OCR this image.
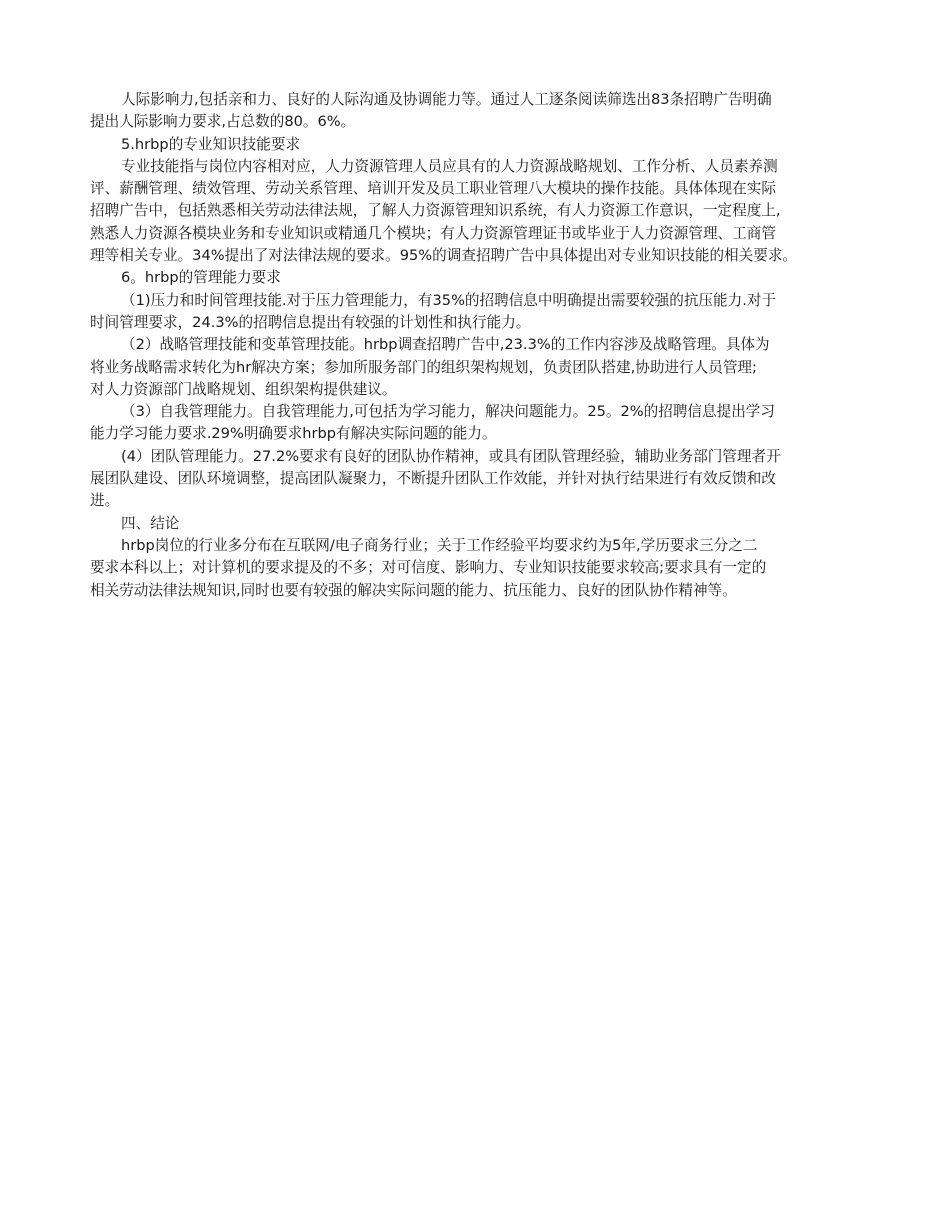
人际影响力,包括亲和力、良好的人际沟通及协调能力等。通过人工逐条阅读筛选出83条招聘广告明确
提出人际影响力要求,占总数的80。6%。
5.hrbp的专业知识技能要求
专业技能指与岗位内容相对应，人力资源管理人员应具有的人力资源战略规划、工作分析、人员素养测
评、薪酬管理、绩效管理、劳动关系管理、培训开发及员工职业管理八大模块的操作技能。具体体现在实际
招聘广告中，包括熟悉相关劳动法律法规，了解人力资源管理知识系统，有人力资源工作意识，一定程度上,
熟悉人力资源各模块业务和专业知识或精通几个模块；有人力资源管理证书或毕业于人力资源管理、工商管
理等相关专业。34%提出了对法律法规的要求。95%的调查招聘广告中具体提出对专业知识技能的相关要求。
6。hrbp的管理能力要求
（1)压力和时间管理技能.对于压力管理能力，有35%的招聘信息中明确提出需要较强的抗压能力.对于
时间管理要求，24.3%的招聘信息提出有较强的计划性和执行能力。
（2）战略管理技能和变革管理技能。hrbp调查招聘广告中,23.3%的工作内容涉及战略管理。具体为
将业务战略需求转化为hr解决方案；参加所服务部门的组织架构规划，负责团队搭建,协助进行人员管理;
对人力资源部门战略规划、组织架构提供建议。
（3）自我管理能力。自我管理能力,可包括为学习能力，解决问题能力。25。2%的招聘信息提出学习
能力学习能力要求.29%明确要求hrbp有解决实际问题的能力。
(4）团队管理能力。27.2%要求有良好的团队协作精神，或具有团队管理经验，辅助业务部门管理者开
展团队建设、团队环境调整，提高团队凝聚力，不断提升团队工作效能，并针对执行结果进行有效反馈和改
进。
四、结论
hrbp岗位的行业多分布在互联网/电子商务行业；关于工作经验平均要求约为5年,学历要求三分之二
要求本科以上；对计算机的要求提及的不多；对可信度、影响力、专业知识技能要求较高;要求具有一定的
相关劳动法律法规知识,同时也要有较强的解决实际问题的能力、抗压能力、良好的团队协作精神等。
